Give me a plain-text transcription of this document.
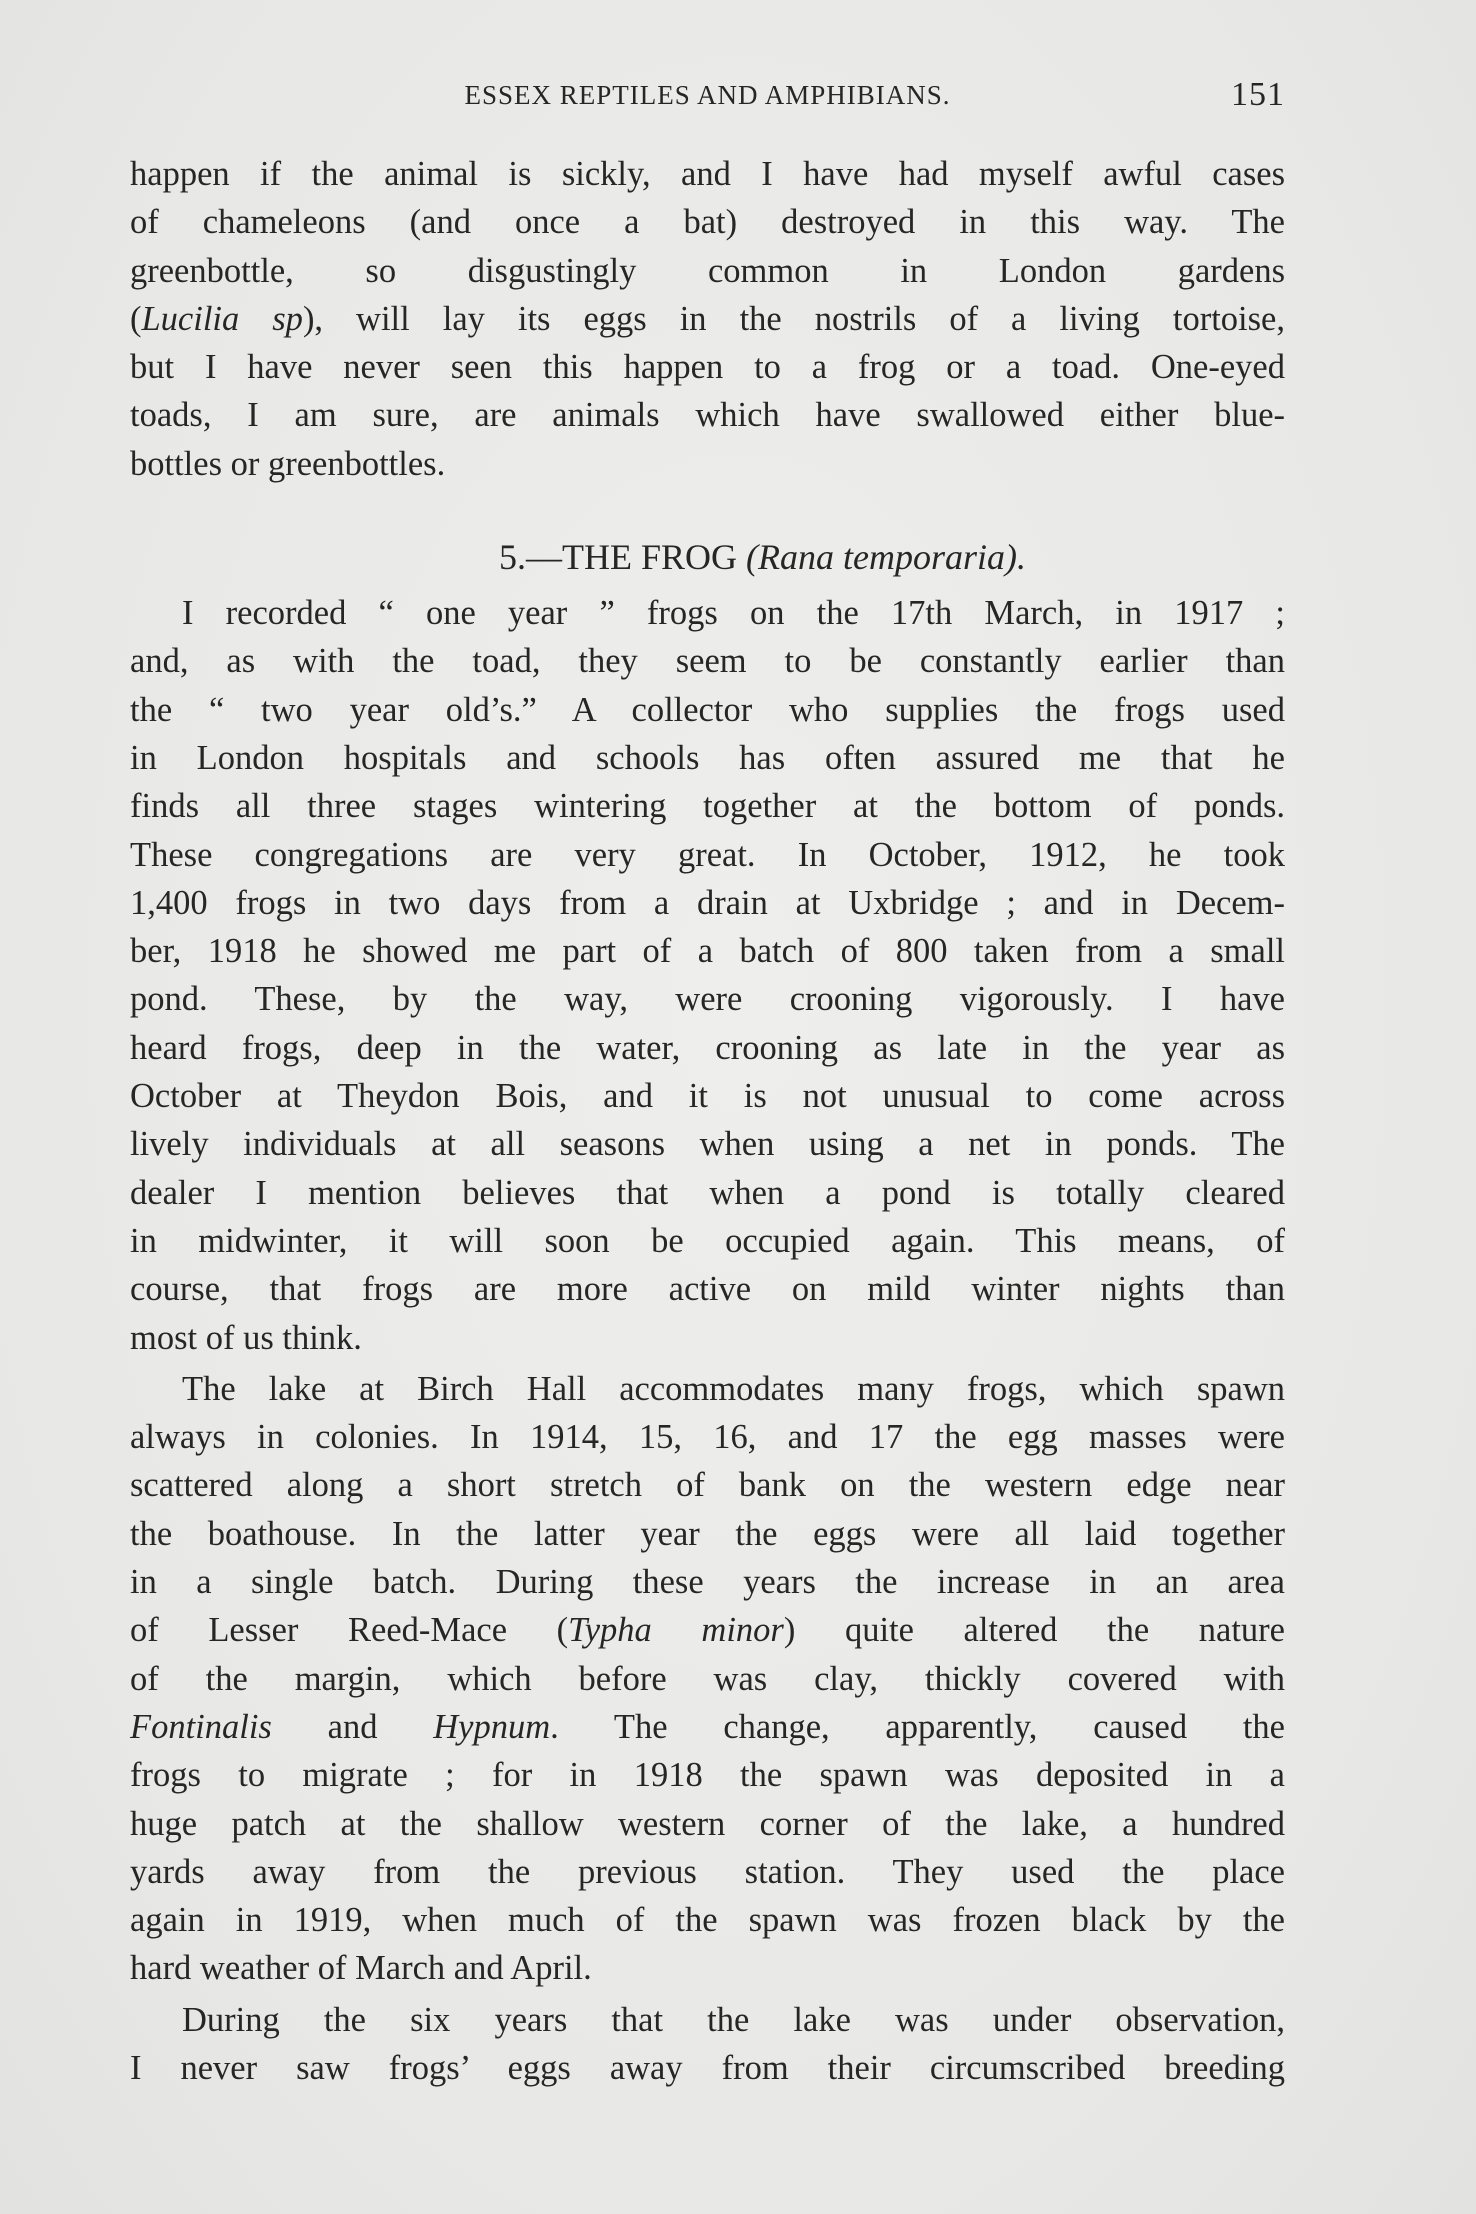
ESSEX REPTILES AND AMPHIBIANS.	151

happen if the animal is sickly, and I have had myself awful cases
of chameleons (and once a bat) destroyed in this way. The
greenbottle, so disgustingly common in London gardens
(Lucilia sp), will lay its eggs in the nostrils of a living tortoise,
but I have never seen this happen to a frog or a toad. One-eyed
toads, I am sure, are animals which have swallowed either blue-
bottles or greenbottles.

5.—THE FROG (Rana temporaria).

I recorded “ one year ” frogs on the 17th March, in 1917 ;

and, as with the toad, they seem to be constantly earlier than
the “ two year old’s.” A collector who supplies the frogs used
in London hospitals and schools has often assured me that he
finds all three stages wintering together at the bottom of ponds.
These congregations are very great. In October, 1912, he took
1,400 frogs in two days from a drain at Uxbridge ; and in Decem-
ber, 1918 he showed me part of a batch of 800 taken from a small
pond. These, by the way, were crooning vigorously. I have
heard frogs, deep in the water, crooning as late in the year as
October at Theydon Bois, and it is not unusual to come across
lively individuals at all seasons when using a net in ponds. The
dealer I mention believes that when a pond is totally cleared
in midwinter, it will soon be occupied again. This means, of
course, that frogs are more active on mild winter nights than
most of us think.

The lake at Birch Hall accommodates many frogs, which spawn

always in colonies. In 1914, 15, 16, and 17 the egg masses were
scattered along a short stretch of bank on the western edge near
the boathouse. In the latter year the eggs were all laid together
in a single batch. During these years the increase in an area
of Lesser Reed-Mace (Typha minor) quite altered the nature
of the margin, which before was clay, thickly covered with
Fontinalis and Hypnum. The change, apparently, caused the
frogs to migrate ; for in 1918 the spawn was deposited in a
huge patch at the shallow western corner of the lake, a hundred
yards away from the previous station. They used the place
again in 1919, when much of the spawn was frozen black by the
hard weather of March and April.

During the six years that the lake was under observation,

I never saw frogs’ eggs away from their circumscribed breeding
